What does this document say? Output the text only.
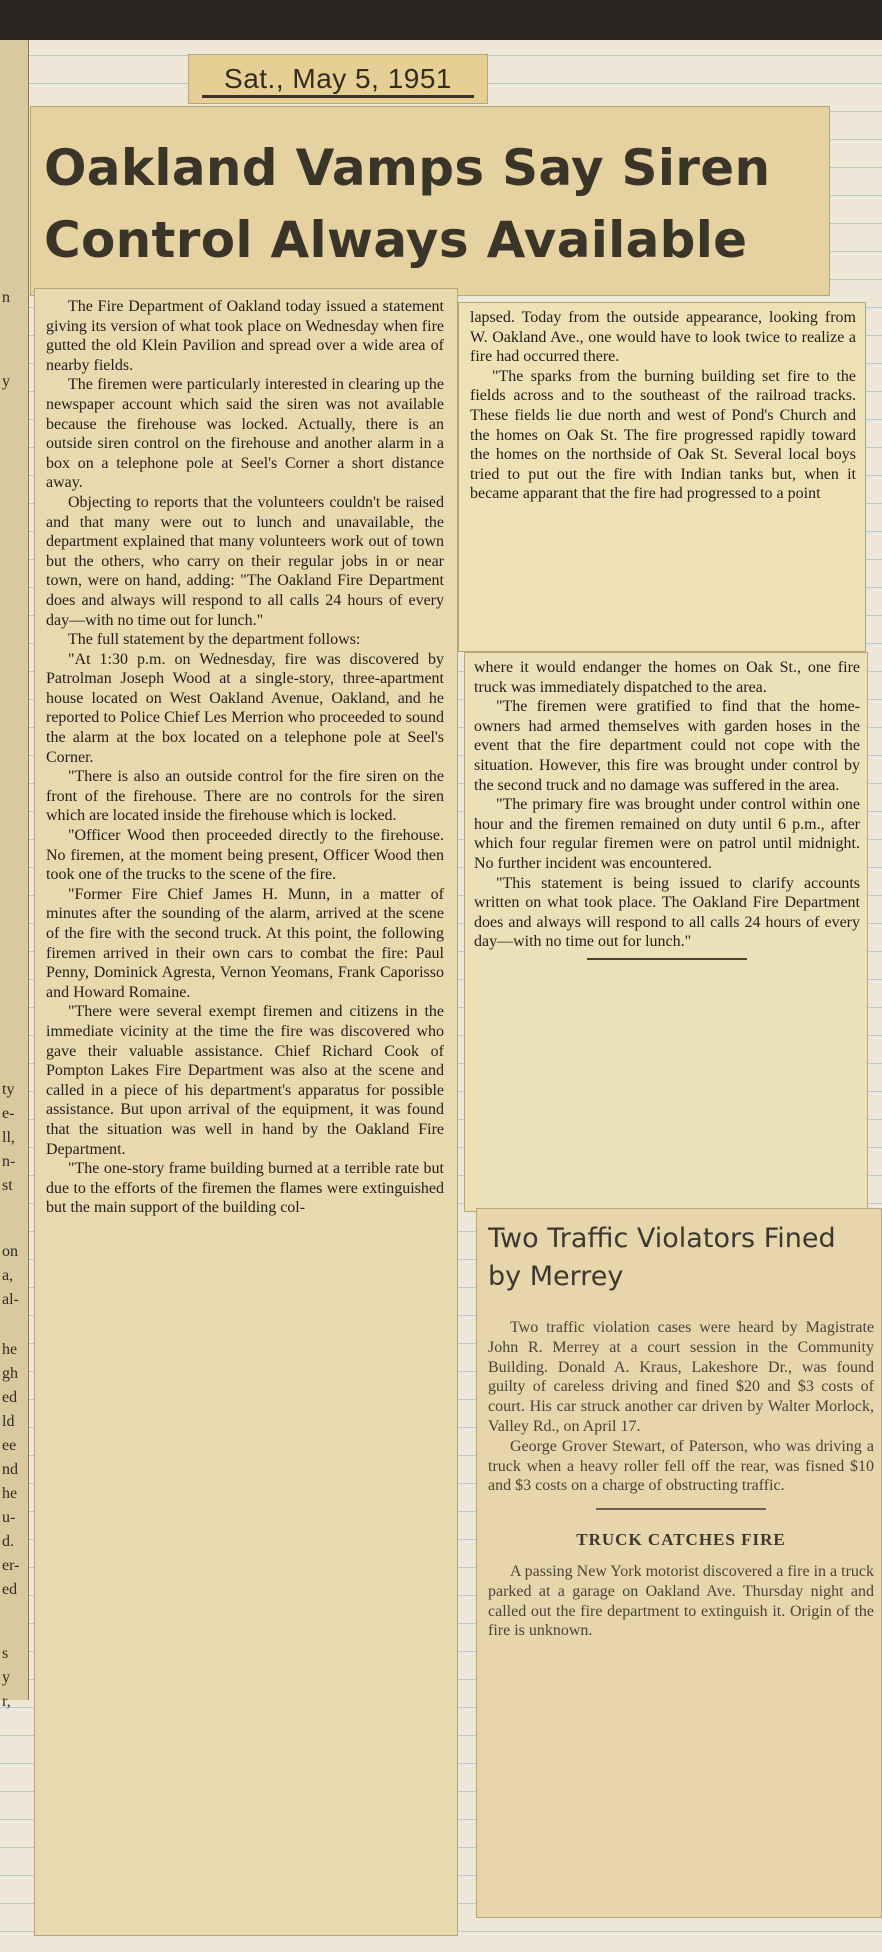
n
y
ty
e-
ll,
n-
st
on
a,
al-
he
gh
ed
ld
ee
nd
he
u-
d.
er-
ed
s
y
r,
Sat., May 5, 1951
Oakland Vamps Say Siren
Control Always Available

The Fire Department of Oakland today issued a statement giving its version of what took place on Wednesday when fire gutted the old Klein Pavilion and spread over a wide area of nearby fields.

The firemen were particularly interested in clearing up the newspaper account which said the siren was not available because the firehouse was locked. Actually, there is an outside siren control on the firehouse and another alarm in a box on a telephone pole at Seel's Corner a short distance away.

Objecting to reports that the volunteers couldn't be raised and that many were out to lunch and unavailable, the department explained that many volunteers work out of town but the others, who carry on their regular jobs in or near town, were on hand, adding: "The Oakland Fire Department does and always will respond to all calls 24 hours of every day—with no time out for lunch."

The full statement by the department follows:

"At 1:30 p.m. on Wednesday, fire was discovered by Patrolman Joseph Wood at a single-story, three-apartment house located on West Oakland Avenue, Oakland, and he reported to Police Chief Les Merrion who proceeded to sound the alarm at the box located on a telephone pole at Seel's Corner.

"There is also an outside control for the fire siren on the front of the firehouse. There are no controls for the siren which are located inside the firehouse which is locked.

"Officer Wood then proceeded directly to the firehouse. No firemen, at the moment being present, Officer Wood then took one of the trucks to the scene of the fire.

"Former Fire Chief James H. Munn, in a matter of minutes after the sounding of the alarm, arrived at the scene of the fire with the second truck. At this point, the following firemen arrived in their own cars to combat the fire: Paul Penny, Dominick Agresta, Vernon Yeomans, Frank Caporisso and Howard Romaine.

"There were several exempt firemen and citizens in the immediate vicinity at the time the fire was discovered who gave their valuable assistance. Chief Richard Cook of Pompton Lakes Fire Department was also at the scene and called in a piece of his department's apparatus for possible assistance. But upon arrival of the equipment, it was found that the situation was well in hand by the Oakland Fire Department.

"The one-story frame building burned at a terrible rate but due to the efforts of the firemen the flames were extinguished but the main support of the building col-

lapsed. Today from the outside appearance, looking from W. Oakland Ave., one would have to look twice to realize a fire had occurred there.

"The sparks from the burning building set fire to the fields across and to the southeast of the railroad tracks. These fields lie due north and west of Pond's Church and the homes on Oak St. The fire progressed rapidly toward the homes on the northside of Oak St. Several local boys tried to put out the fire with Indian tanks but, when it became apparant that the fire had progressed to a point

where it would endanger the homes on Oak St., one fire truck was immediately dispatched to the area.

"The firemen were gratified to find that the home-owners had armed themselves with garden hoses in the event that the fire department could not cope with the situation. However, this fire was brought under control by the second truck and no damage was suffered in the area.

"The primary fire was brought under control within one hour and the firemen remained on duty until 6 p.m., after which four regular firemen were on patrol until midnight. No further incident was encountered.

"This statement is being issued to clarify accounts written on what took place. The Oakland Fire Department does and always will respond to all calls 24 hours of every day—with no time out for lunch."

Two Traffic Violators Fined by Merrey

Two traffic violation cases were heard by Magistrate John R. Merrey at a court session in the Community Building. Donald A. Kraus, Lakeshore Dr., was found guilty of careless driving and fined $20 and $3 costs of court. His car struck another car driven by Walter Morlock, Valley Rd., on April 17.

George Grover Stewart, of Paterson, who was driving a truck when a heavy roller fell off the rear, was fisned $10 and $3 costs on a charge of obstructing traffic.

TRUCK CATCHES FIRE

A passing New York motorist discovered a fire in a truck parked at a garage on Oakland Ave. Thursday night and called out the fire department to extinguish it. Origin of the fire is unknown.
